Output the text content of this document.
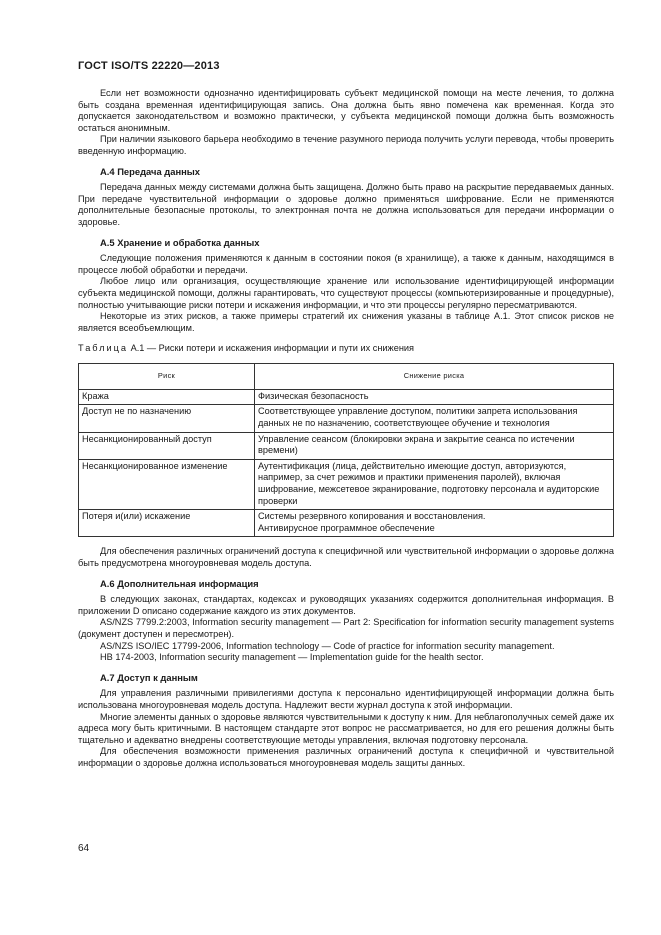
ГОСТ ISO/TS 22220—2013

Если нет возможности однозначно идентифицировать субъект медицинской помощи на месте лечения, то должна быть создана временная идентифицирующая запись. Она должна быть явно помечена как временная. Когда это допускается законодательством и возможно практически, у субъекта медицинской помощи должна быть возможность остаться анонимным.

При наличии языкового барьера необходимо в течение разумного периода получить услуги перевода, чтобы проверить введенную информацию.

А.4 Передача данных

Передача данных между системами должна быть защищена. Должно быть право на раскрытие передаваемых данных. При передаче чувствительной информации о здоровье должно применяться шифрование. Если не применяются дополнительные безопасные протоколы, то электронная почта не должна использоваться для передачи информации о здоровье.

А.5 Хранение и обработка данных

Следующие положения применяются к данным в состоянии покоя (в хранилище), а также к данным, находящимся в процессе любой обработки и передачи.

Любое лицо или организация, осуществляющие хранение или использование идентифицирующей информации субъекта медицинской помощи, должны гарантировать, что существуют процессы (компьютеризированные и процедурные), полностью учитывающие риски потери и искажения информации, и что эти процессы регулярно пересматриваются.

Некоторые из этих рисков, а также примеры стратегий их снижения указаны в таблице А.1. Этот список рисков не является всеобъемлющим.

Таблица А.1 — Риски потери и искажения информации и пути их снижения

Риск	Снижение риска
Кража	Физическая безопасность
Доступ не по назначению	Соответствующее управление доступом, политики запрета использования данных не по назначению, соответствующее обучение и технология
Несанкционированный доступ	Управление сеансом (блокировки экрана и закрытие сеанса по истечении времени)
Несанкционированное изменение	Аутентификация (лица, действительно имеющие доступ, авторизуются, например, за счет режимов и практики применения паролей), включая шифрование, межсетевое экранирование, подготовку персонала и аудиторские проверки
Потеря и(или) искажение	Системы резервного копирования и восстановления.
Антивирусное программное обеспечение

Для обеспечения различных ограничений доступа к специфичной или чувствительной информации о здоровье должна быть предусмотрена многоуровневая модель доступа.

А.6 Дополнительная информация

В следующих законах, стандартах, кодексах и руководящих указаниях содержится дополнительная информация. В приложении D описано содержание каждого из этих документов.

AS/NZS 7799.2:2003, Information security management — Part 2: Specification for information security management systems (документ доступен и пересмотрен).

AS/NZS ISO/IEC 17799-2006, Information technology — Code of practice for information security management.

HB 174-2003, Information security management — Implementation guide for the health sector.

А.7 Доступ к данным

Для управления различными привилегиями доступа к персонально идентифицирующей информации должна быть использована многоуровневая модель доступа. Надлежит вести журнал доступа к этой информации.

Многие элементы данных о здоровье являются чувствительными к доступу к ним. Для неблагополучных семей даже их адреса могу быть критичными. В настоящем стандарте этот вопрос не рассматривается, но для его решения должны быть тщательно и адекватно внедрены соответствующие методы управления, включая подготовку персонала.

Для обеспечения возможности применения различных ограничений доступа к специфичной и чувствительной информации о здоровье должна использоваться многоуровневая модель защиты данных.

64
